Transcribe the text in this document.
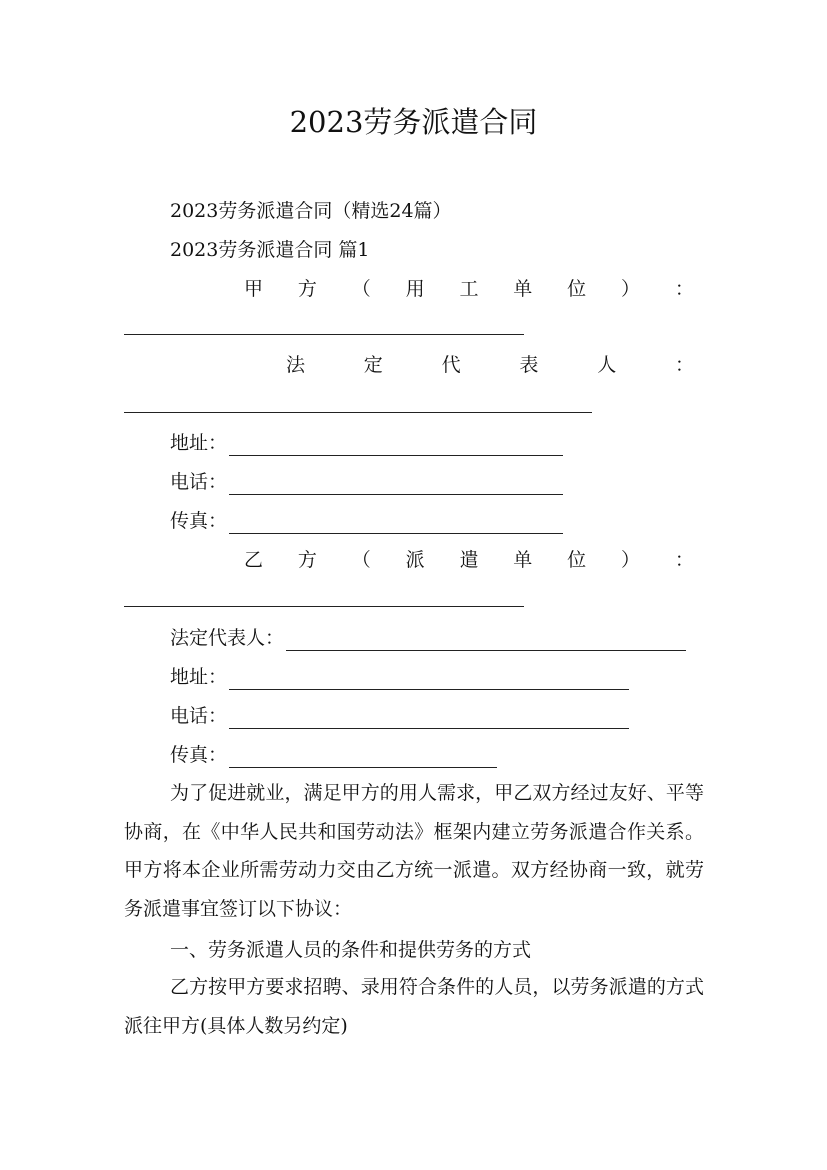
2023劳务派遣合同
2023劳务派遣合同（精选24篇）
2023劳务派遣合同 篇1
甲 方 （ 用 工 单 位 ） ：
法	定	代	表	人	：
地址：
电话：
传真：
乙 方 （ 派 遣 单 位 ） ：
法定代表人：
地址：
电话：
传真：
为了促进就业，满足甲方的用人需求，甲乙双方经过友好、平等协商，在《中华人民共和国劳动法》框架内建立劳务派遣合作关系。甲方将本企业所需劳动力交由乙方统一派遣。双方经协商一致，就劳务派遣事宜签订以下协议：
一、劳务派遣人员的条件和提供劳务的方式
乙方按甲方要求招聘、录用符合条件的人员，以劳务派遣的方式派往甲方(具体人数另约定)
